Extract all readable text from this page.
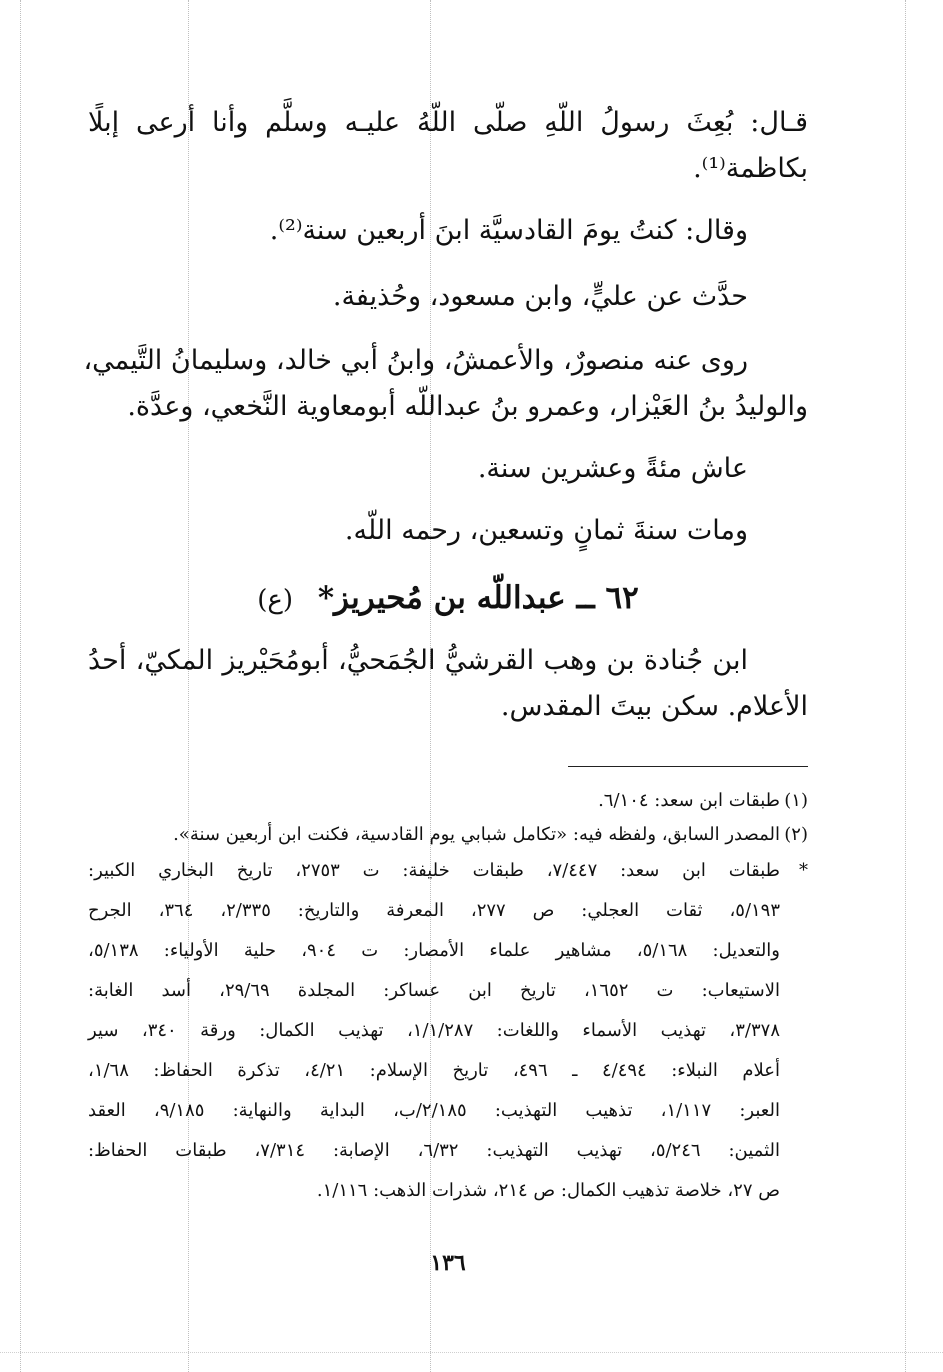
قـال: بُعِثَ رسولُ اللّهِ صلّى اللّهُ عليـه وسلَّم وأنا أرعى إبلًا
بكاظمة⁽¹⁾.
وقال: كنتُ يومَ القادسيَّة ابنَ أربعين سنة⁽²⁾.
حدَّث عن عليٍّ، وابن مسعود، وحُذيفة.
روى عنه منصورٌ، والأعمشُ، وابنُ أبي خالد، وسليمانُ التَّيمي،
والوليدُ بنُ العَيْزار، وعمرو بنُ عبداللّه أبومعاوية النَّخعي، وعدَّة.
عاش مئةً وعشرين سنة.
ومات سنةَ ثمانٍ وتسعين، رحمه اللّه.
٦٢ ــ عبداللّه بن مُحيريز* (ع)
ابن جُنادة بن وهب القرشيُّ الجُمَحيُّ، أبومُحَيْريز المكيّ، أحدُ
الأعلام. سكن بيتَ المقدس.
(١)طبقات ابن سعد: ٦/١٠٤.
(٢)المصدر السابق، ولفظه فيه: «تكامل شبابي يوم القادسية، فكنت ابن أربعين سنة».
*طبقات ابن سعد: ٧/٤٤٧، طبقات خليفة: ت ٢٧٥٣، تاريخ البخاري الكبير:
٥/١٩٣، ثقات العجلي: ص ٢٧٧، المعرفة والتاريخ: ٢/٣٣٥، ٣٦٤، الجرح
والتعديل: ٥/١٦٨، مشاهير علماء الأمصار: ت ٩٠٤، حلية الأولياء: ٥/١٣٨،
الاستيعاب: ت ١٦٥٢، تاريخ ابن عساكر: المجلدة ٢٩/٦٩، أسد الغابة:
٣/٣٧٨، تهذيب الأسماء واللغات: ١/١/٢٨٧، تهذيب الكمال: ورقة ٣٤٠، سير
أعلام النبلاء: ٤/٤٩٤ ـ ٤٩٦، تاريخ الإسلام: ٤/٢١، تذكرة الحفاظ: ١/٦٨،
العبر: ١/١١٧، تذهيب التهذيب: ٢/١٨٥/ب، البداية والنهاية: ٩/١٨٥، العقد
الثمين: ٥/٢٤٦، تهذيب التهذيب: ٦/٣٢، الإصابة: ٧/٣١٤، طبقات الحفاظ:
ص ٢٧، خلاصة تذهيب الكمال: ص ٢١٤، شذرات الذهب: ١/١١٦.
١٣٦
